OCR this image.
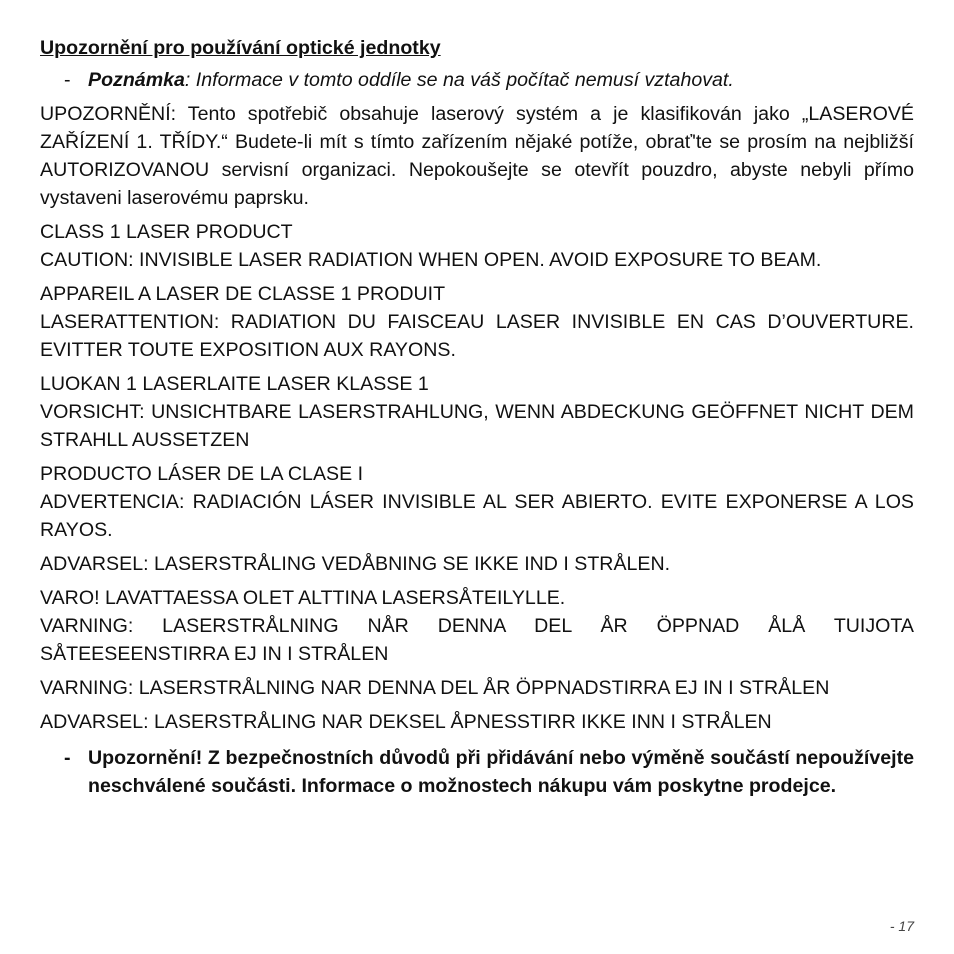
Upozornění pro používání optické jednotky
- Poznámka: Informace v tomto oddíle se na váš počítač nemusí vztahovat.
UPOZORNĚNÍ: Tento spotřebič obsahuje laserový systém a je klasifikován jako „LASEROVÉ ZAŘÍZENÍ 1. TŘÍDY.“ Budete-li mít s tímto zařízením nějaké potíže, obrať'te se prosím na nejbližší AUTORIZOVANOU servisní organizaci. Nepokoušejte se otevřít pouzdro, abyste nebyli přímo vystaveni laserovému paprsku.
CLASS 1 LASER PRODUCT
CAUTION: INVISIBLE LASER RADIATION WHEN OPEN. AVOID EXPOSURE TO BEAM.
APPAREIL A LASER DE CLASSE 1 PRODUIT
LASERATTENTION: RADIATION DU FAISCEAU LASER INVISIBLE EN CAS D’OUVERTURE. EVITTER TOUTE EXPOSITION AUX RAYONS.
LUOKAN 1 LASERLAITE LASER KLASSE 1
VORSICHT: UNSICHTBARE LASERSTRAHLUNG, WENN ABDECKUNG GEÖFFNET NICHT DEM STRAHLL AUSSETZEN
PRODUCTO LÁSER DE LA CLASE I
ADVERTENCIA: RADIACIÓN LÁSER INVISIBLE AL SER ABIERTO. EVITE EXPONERSE A LOS RAYOS.
ADVARSEL: LASERSTRÅLING VEDÅBNING SE IKKE IND I STRÅLEN.
VARO! LAVATTAESSA OLET ALTTINA LASERSÅTEILYLLE.
VARNING: LASERSTRÅLNING NÅR DENNA DEL ÅR ÖPPNAD ÅLÅ TUIJOTA SÅTEESEENSTIRRA EJ IN I STRÅLEN
VARNING: LASERSTRÅLNING NAR DENNA DEL ÅR ÖPPNADSTIRRA EJ IN I STRÅLEN
ADVARSEL: LASERSTRÅLING NAR DEKSEL ÅPNESSTIRR IKKE INN I STRÅLEN
- Upozornění! Z bezpečnostních důvodů při přidávání nebo výměně součástí nepoužívejte neschválené součásti. Informace o možnostech nákupu vám poskytne prodejce.
- 17
